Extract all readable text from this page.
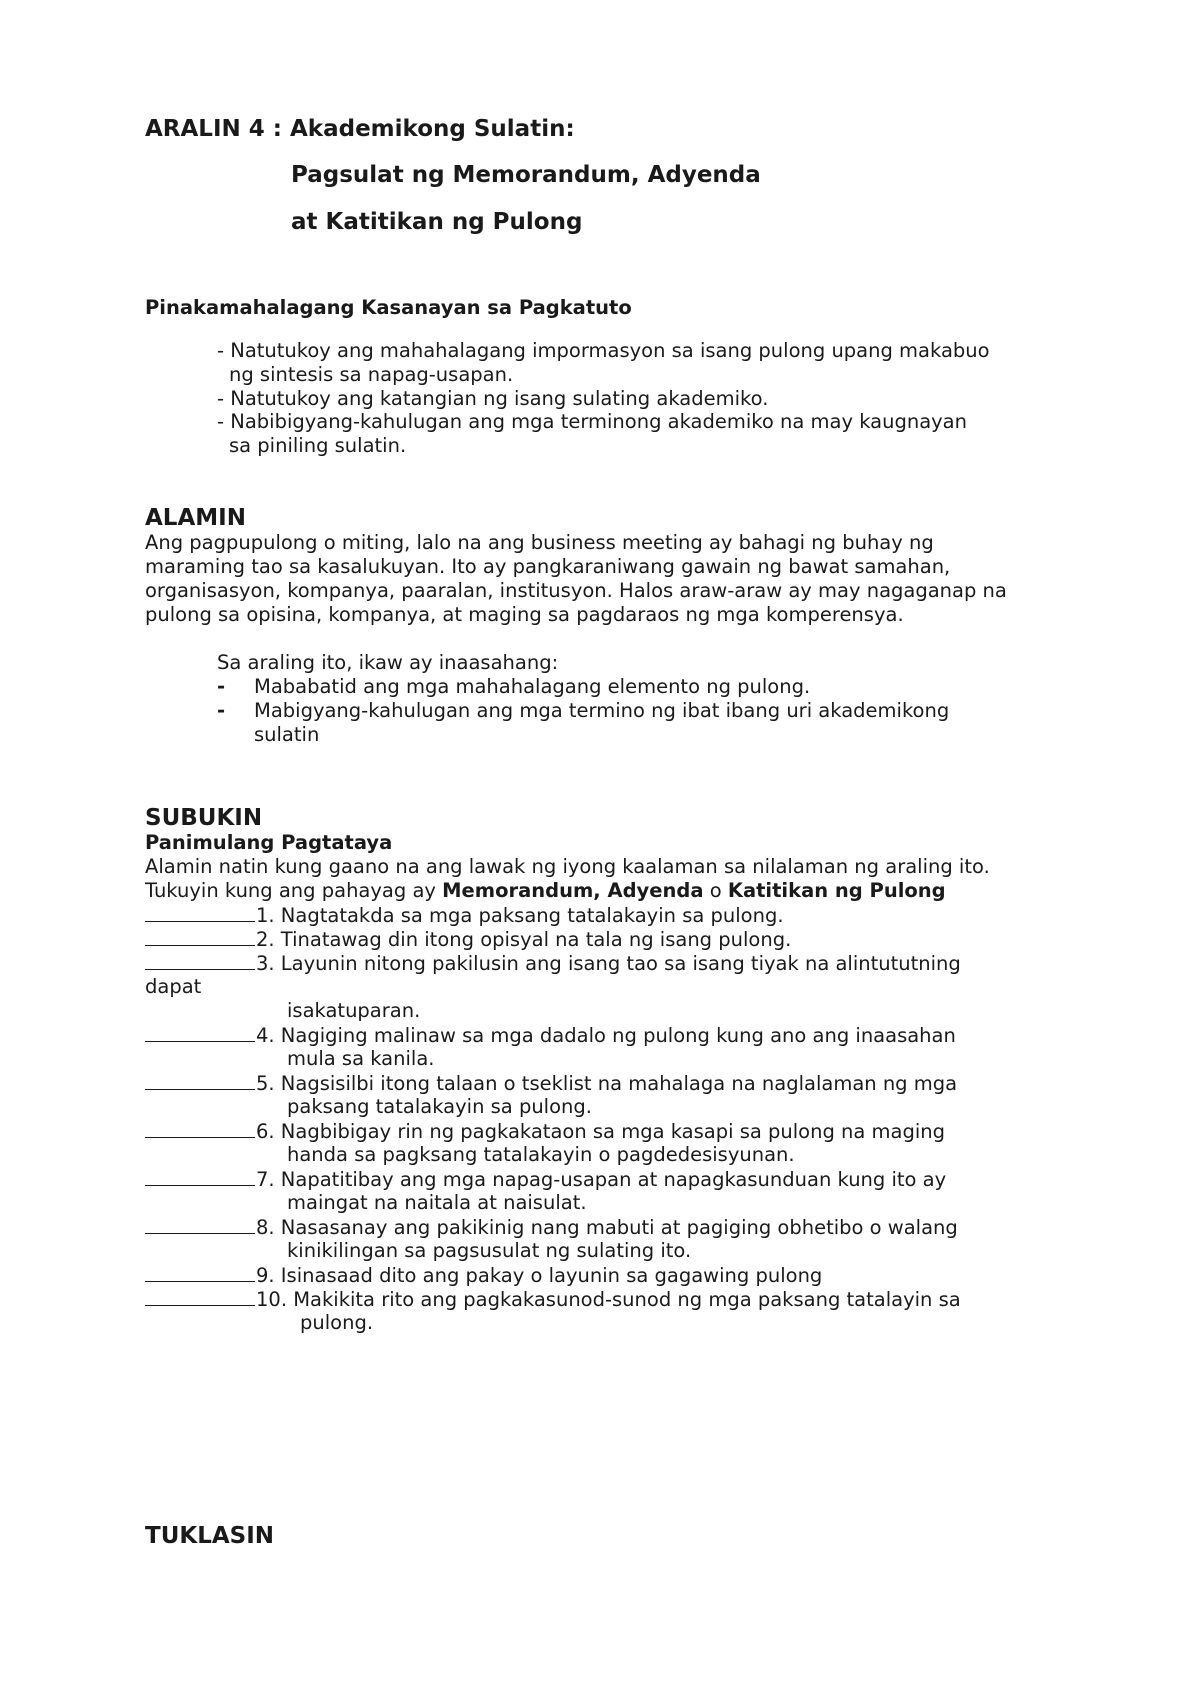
ARALIN 4 : Akademikong Sulatin:
Pagsulat ng Memorandum, Adyenda
at Katitikan ng Pulong
Pinakamahalagang Kasanayan sa Pagkatuto
- Natutukoy ang mahahalagang impormasyon sa isang pulong upang makabuo
ng sintesis sa napag-usapan.
- Natutukoy ang katangian ng isang sulating akademiko.
- Nabibigyang-kahulugan ang mga terminong akademiko na may kaugnayan
sa piniling sulatin.
ALAMIN
Ang pagpupulong o miting, lalo na ang business meeting ay bahagi ng buhay ng
maraming tao sa kasalukuyan. Ito ay pangkaraniwang gawain ng bawat samahan,
organisasyon, kompanya, paaralan, institusyon. Halos araw-araw ay may nagaganap na
pulong sa opisina, kompanya, at maging sa pagdaraos ng mga komperensya.
Sa araling ito, ikaw ay inaasahang:
- Mababatid ang mga mahahalagang elemento ng pulong.
- Mabigyang-kahulugan ang mga termino ng ibat ibang uri akademikong
sulatin
SUBUKIN
Panimulang Pagtataya
Alamin natin kung gaano na ang lawak ng iyong kaalaman sa nilalaman ng araling ito.
Tukuyin kung ang pahayag ay Memorandum, Adyenda o Katitikan ng Pulong
1. Nagtatakda sa mga paksang tatalakayin sa pulong.
2. Tinatawag din itong opisyal na tala ng isang pulong.
3. Layunin nitong pakilusin ang isang tao sa isang tiyak na alintututning
dapat
isakatuparan.
4. Nagiging malinaw sa mga dadalo ng pulong kung ano ang inaasahan
mula sa kanila.
5. Nagsisilbi itong talaan o tseklist na mahalaga na naglalaman ng mga
paksang tatalakayin sa pulong.
6. Nagbibigay rin ng pagkakataon sa mga kasapi sa pulong na maging
handa sa pagksang tatalakayin o pagdedesisyunan.
7. Napatitibay ang mga napag-usapan at napagkasunduan kung ito ay
maingat na naitala at naisulat.
8. Nasasanay ang pakikinig nang mabuti at pagiging obhetibo o walang
kinikilingan sa pagsusulat ng sulating ito.
9. Isinasaad dito ang pakay o layunin sa gagawing pulong
10. Makikita rito ang pagkakasunod-sunod ng mga paksang tatalayin sa
pulong.
TUKLASIN
